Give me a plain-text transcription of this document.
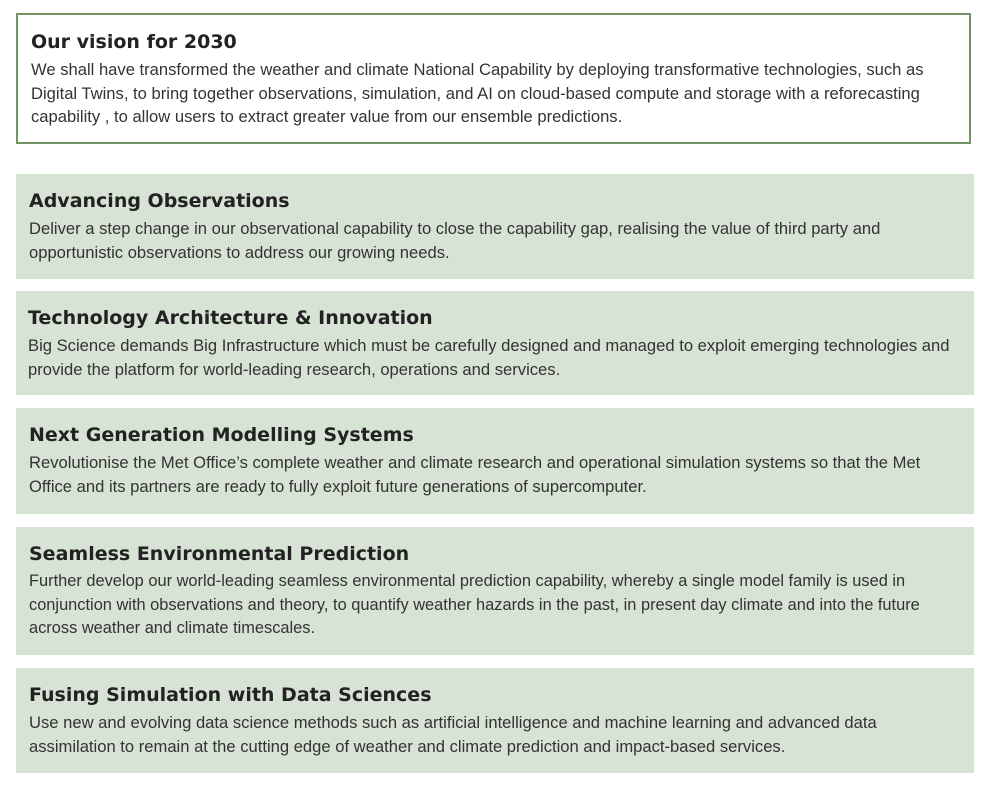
Our vision for 2030

We shall have transformed the weather and climate National Capability by deploying transformative technologies, such as Digital Twins, to bring together observations, simulation, and AI on cloud-based compute and storage with a reforecasting capability , to allow users to extract greater value from our ensemble predictions.

Advancing Observations

Deliver a step change in our observational capability to close the capability gap, realising the value of third party and opportunistic observations to address our growing needs.

Technology Architecture & Innovation

Big Science demands Big Infrastructure which must be carefully designed and managed to exploit emerging technologies and provide the platform for world-leading research, operations and services.

Next Generation Modelling Systems

Revolutionise the Met Office’s complete weather and climate research and operational simulation systems so that the Met Office and its partners are ready to fully exploit future generations of supercomputer.

Seamless Environmental Prediction

Further develop our world-leading seamless environmental prediction capability, whereby a single model family is used in conjunction with observations and theory, to quantify weather hazards in the past, in present day climate and into the future across weather and climate timescales.

Fusing Simulation with Data Sciences

Use new and evolving data science methods such as artificial intelligence and machine learning and advanced data assimilation to remain at the cutting edge of weather and climate prediction and impact-based services.
